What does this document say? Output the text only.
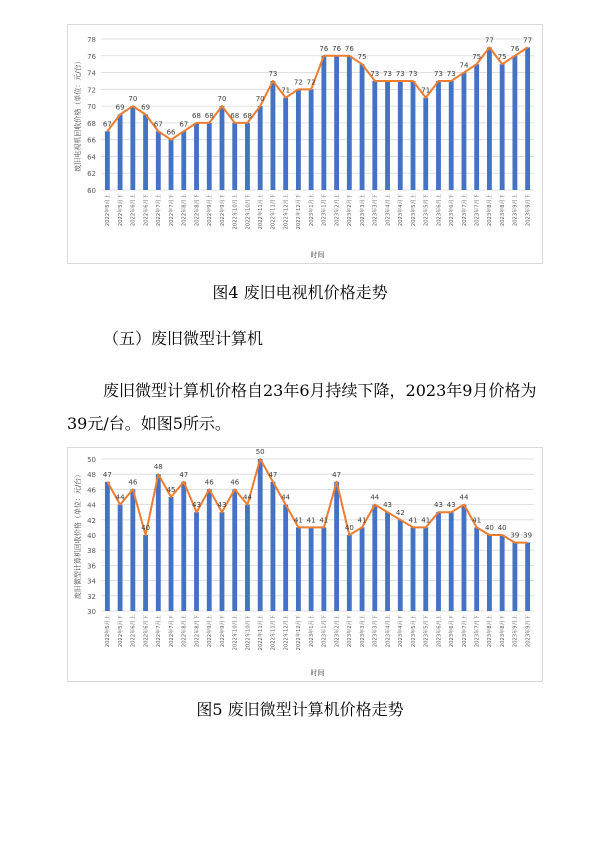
60
62
64
66
68
70
72
74
76
78
2022年5月上	2022年5月下	2022年6月上	2022年6月下	2022年7月上	2022年7月下	2022年8月上	2022年8月下	2022年9月上	2022年9月下	2022年10月上	2022年10月下	2022年11月上	2022年11月下	2022年12月上	2022年12月下	2023年1月上	2023年1月下	2023年2月上	2023年2月下	2023年3月上	2023年3月下	2023年4月上	2023年4月下	2023年5月上	2023年5月下	2023年6月上	2023年6月下	2023年7月上	2023年7月下	2023年8月上	2023年8月下	2023年9月上	2023年9月下
67
69
70
69
67
66
67
68 68
70
68 68
70
73
71
72 72
76 76 76
75
73 73 73 73
71
73 73
74
75
77
75
76
77
废旧电视机回收价格（单位：元/台）
时间
图4 废旧电视机价格走势
（五）废旧微型计算机
废旧微型计算机价格自23年6月持续下降，2023年9月价格为39元/台。如图5所示。
30
32
34
36
38
40
42
44
46
48
50
2022年5月上	2022年5月下	2022年6月上	2022年6月下	2022年7月上	2022年7月下	2022年8月上	2022年8月下	2022年9月上	2022年9月下	2022年10月上	2022年10月下	2022年11月上	2022年11月下	2022年12月上	2022年12月下	2023年1月上	2023年1月下	2023年2月上	2023年2月下	2023年3月上	2023年3月下	2023年4月上	2023年4月下	2023年5月上	2023年5月下	2023年6月上	2023年6月下	2023年7月上	2023年7月下	2023年8月上	2023年8月下	2023年9月上	2023年9月下
47
44
46
40
48
45
47
43
46
43
46
44
50
47
44
41 41 41
47
40
41
44
43
42
41 41
43 43
44
41
40 40
39 39
废旧微型计算机回收价格（单位：元/台）
时间
图5 废旧微型计算机价格走势
